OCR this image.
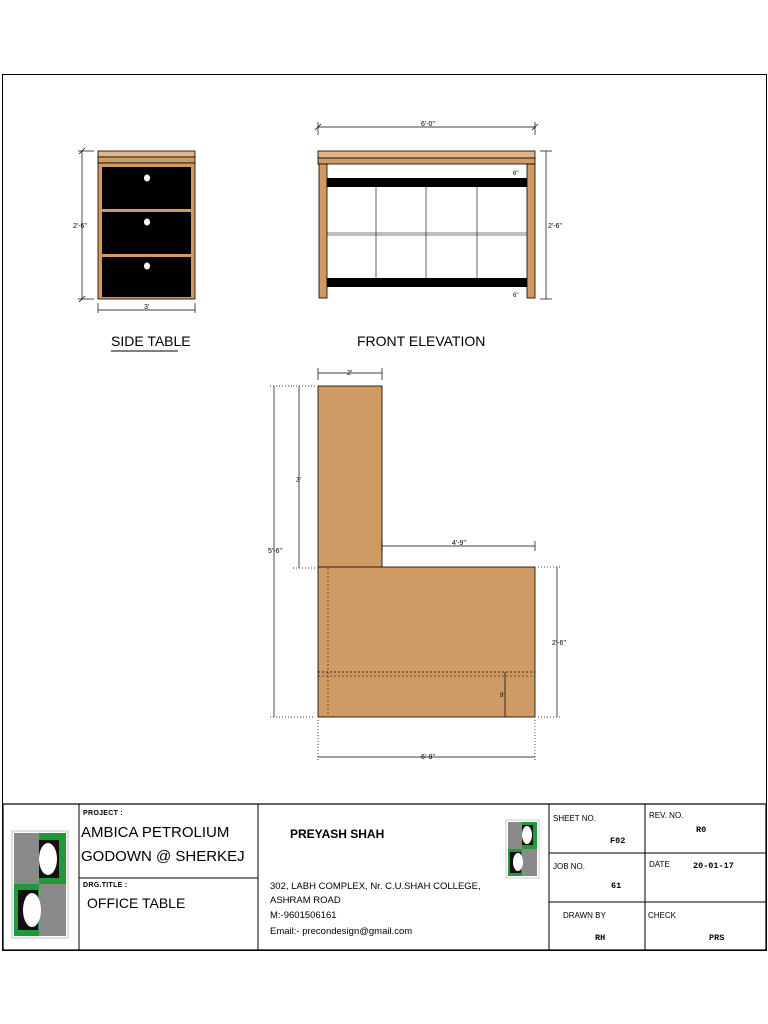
2'-6"
3'
SIDE TABLE
6'-0"
2'-6"
6"
6"
FRONT ELEVATION
2'
3'
5'-6"
4'-9"
2'-6"
9"
6'-9"
PROJECT :
AMBICA PETROLIUM
GODOWN @ SHERKEJ
DRG.TITLE :
OFFICE TABLE
PREYASH SHAH
302, LABH COMPLEX, Nr. C.U.SHAH COLLEGE,
ASHRAM ROAD
M:-9601506161
Email:- precondesign@gmail.com
SHEET NO.
F02
REV. NO.
R0
JOB NO.
61
DATE	20-01-17
DRAWN BY
RH
CHECK
PRS
